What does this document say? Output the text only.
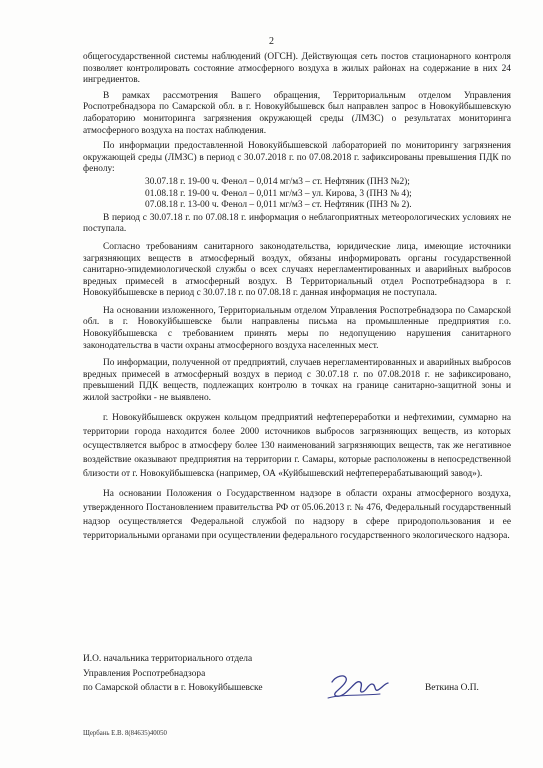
2

общегосударственной системы наблюдений (ОГСН). Действующая сеть постов стационарного контроля позволяет контролировать состояние атмосферного воздуха в жилых районах на содержание в них 24 ингредиентов.

В рамках рассмотрения Вашего обращения, Территориальным отделом Управления Роспотребнадзора по Самарской обл. в г. Новокуйбышевск был направлен запрос в Новокуйбышевскую лабораторию мониторинга загрязнения окружающей среды (ЛМЗС) о результатах мониторинга атмосферного воздуха на постах наблюдения.

По информации предоставленной Новокуйбышевской лабораторией по мониторингу загрязнения окружающей среды (ЛМЗС) в период с 30.07.2018 г. по 07.08.2018 г. зафиксированы превышения ПДК по фенолу:

30.07.18 г. 19-00 ч. Фенол – 0,014 мг/м3 – ст. Нефтяник (ПНЗ №2);
01.08.18 г. 19-00 ч. Фенол – 0,011 мг/м3 – ул. Кирова, 3 (ПНЗ № 4);
07.08.18 г. 13-00 ч. Фенол – 0,011 мг/м3 – ст. Нефтяник (ПНЗ № 2).

В период с 30.07.18 г. по 07.08.18 г. информация о неблагоприятных метеорологических условиях не поступала.

Согласно требованиям санитарного законодательства, юридические лица, имеющие источники загрязняющих веществ в атмосферный воздух, обязаны информировать органы государственной санитарно-эпидемиологической службы о всех случаях нерегламентированных и аварийных выбросов вредных примесей в атмосферный воздух. В Территориальный отдел Роспотребнадзора в г. Новокуйбышевске в период с 30.07.18 г. по 07.08.18 г. данная информация не поступала.

На основании изложенного, Территориальным отделом Управления Роспотребнадзора по Самарской обл. в г. Новокуйбышевске были направлены письма на промышленные предприятия г.о. Новокуйбышевска с требованием принять меры по недопущению нарушения санитарного законодательства в части охраны атмосферного воздуха населенных мест.

По информации, полученной от предприятий, случаев нерегламентированных и аварийных выбросов вредных примесей в атмосферный воздух в период с 30.07.18 г. по 07.08.2018 г. не зафиксировано, превышений ПДК веществ, подлежащих контролю в точках на границе санитарно-защитной зоны и жилой застройки - не выявлено.

г. Новокуйбышевск окружен кольцом предприятий нефтепереработки и нефтехимии, суммарно на территории города находится более 2000 источников выбросов загрязняющих веществ, из которых осуществляется выброс в атмосферу более 130 наименований загрязняющих веществ, так же негативное воздействие оказывают предприятия на территории г. Самары, которые расположены в непосредственной близости от г. Новокуйбышевска (например, ОА «Куйбышевский нефтеперерабатывающий завод»).

На основании Положения о Государственном надзоре в области охраны атмосферного воздуха, утвержденного Постановлением правительства РФ от 05.06.2013 г. № 476, Федеральный государственный надзор осуществляется Федеральной службой по надзору в сфере природопользования и ее территориальными органами при осуществлении федерального государственного экологического надзора.

И.О. начальника территориального отдела
Управления Роспотребнадзора
по Самарской области в г. Новокуйбышевске	Веткина О.П.
Щербань Е.В. 8(84635)40050
